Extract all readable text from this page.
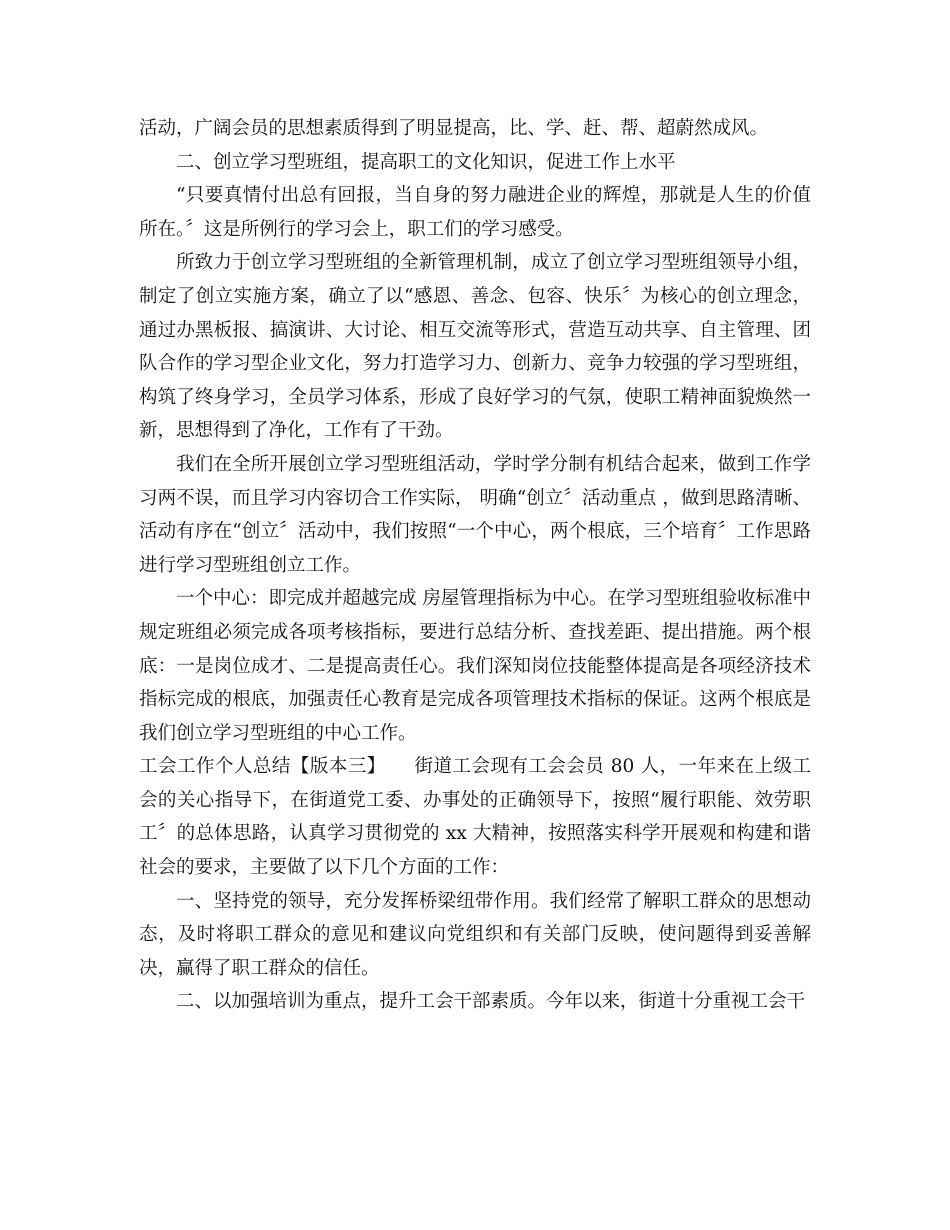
活动，广阔会员的思想素质得到了明显提高，比、学、赶、帮、超蔚然成风。

二、创立学习型班组，提高职工的文化知识，促进工作上水平

“只要真情付出总有回报，当自身的努力融进企业的辉煌，那就是人生的价值所在。〞这是所例行的学习会上，职工们的学习感受。

所致力于创立学习型班组的全新管理机制，成立了创立学习型班组领导小组，制定了创立实施方案，确立了以“感恩、善念、包容、快乐〞为核心的创立理念，通过办黑板报、搞演讲、大讨论、相互交流等形式，营造互动共享、自主管理、团队合作的学习型企业文化，努力打造学习力、创新力、竞争力较强的学习型班组，构筑了终身学习，全员学习体系，形成了良好学习的气氛，使职工精神面貌焕然一新，思想得到了净化，工作有了干劲。

我们在全所开展创立学习型班组活动，学时学分制有机结合起来，做到工作学习两不误，而且学习内容切合工作实际， 明确“创立〞活动重点 ，做到思路清晰、活动有序在“创立〞活动中，我们按照“一个中心，两个根底，三个培育〞工作思路进行学习型班组创立工作。

一个中心：即完成并超越完成 房屋管理指标为中心。在学习型班组验收标准中规定班组必须完成各项考核指标，要进行总结分析、查找差距、提出措施。两个根底：一是岗位成才、二是提高责任心。我们深知岗位技能整体提高是各项经济技术指标完成的根底，加强责任心教育是完成各项管理技术指标的保证。这两个根底是我们创立学习型班组的中心工作。

工会工作个人总结【版本三】　　街道工会现有工会会员 80 人，一年来在上级工会的关心指导下，在街道党工委、办事处的正确领导下，按照“履行职能、效劳职工〞的总体思路，认真学习贯彻党的 xx 大精神，按照落实科学开展观和构建和谐社会的要求，主要做了以下几个方面的工作：

一、坚持党的领导，充分发挥桥梁纽带作用。我们经常了解职工群众的思想动态，及时将职工群众的意见和建议向党组织和有关部门反映，使问题得到妥善解决，赢得了职工群众的信任。

二、以加强培训为重点，提升工会干部素质。今年以来，街道十分重视工会干
